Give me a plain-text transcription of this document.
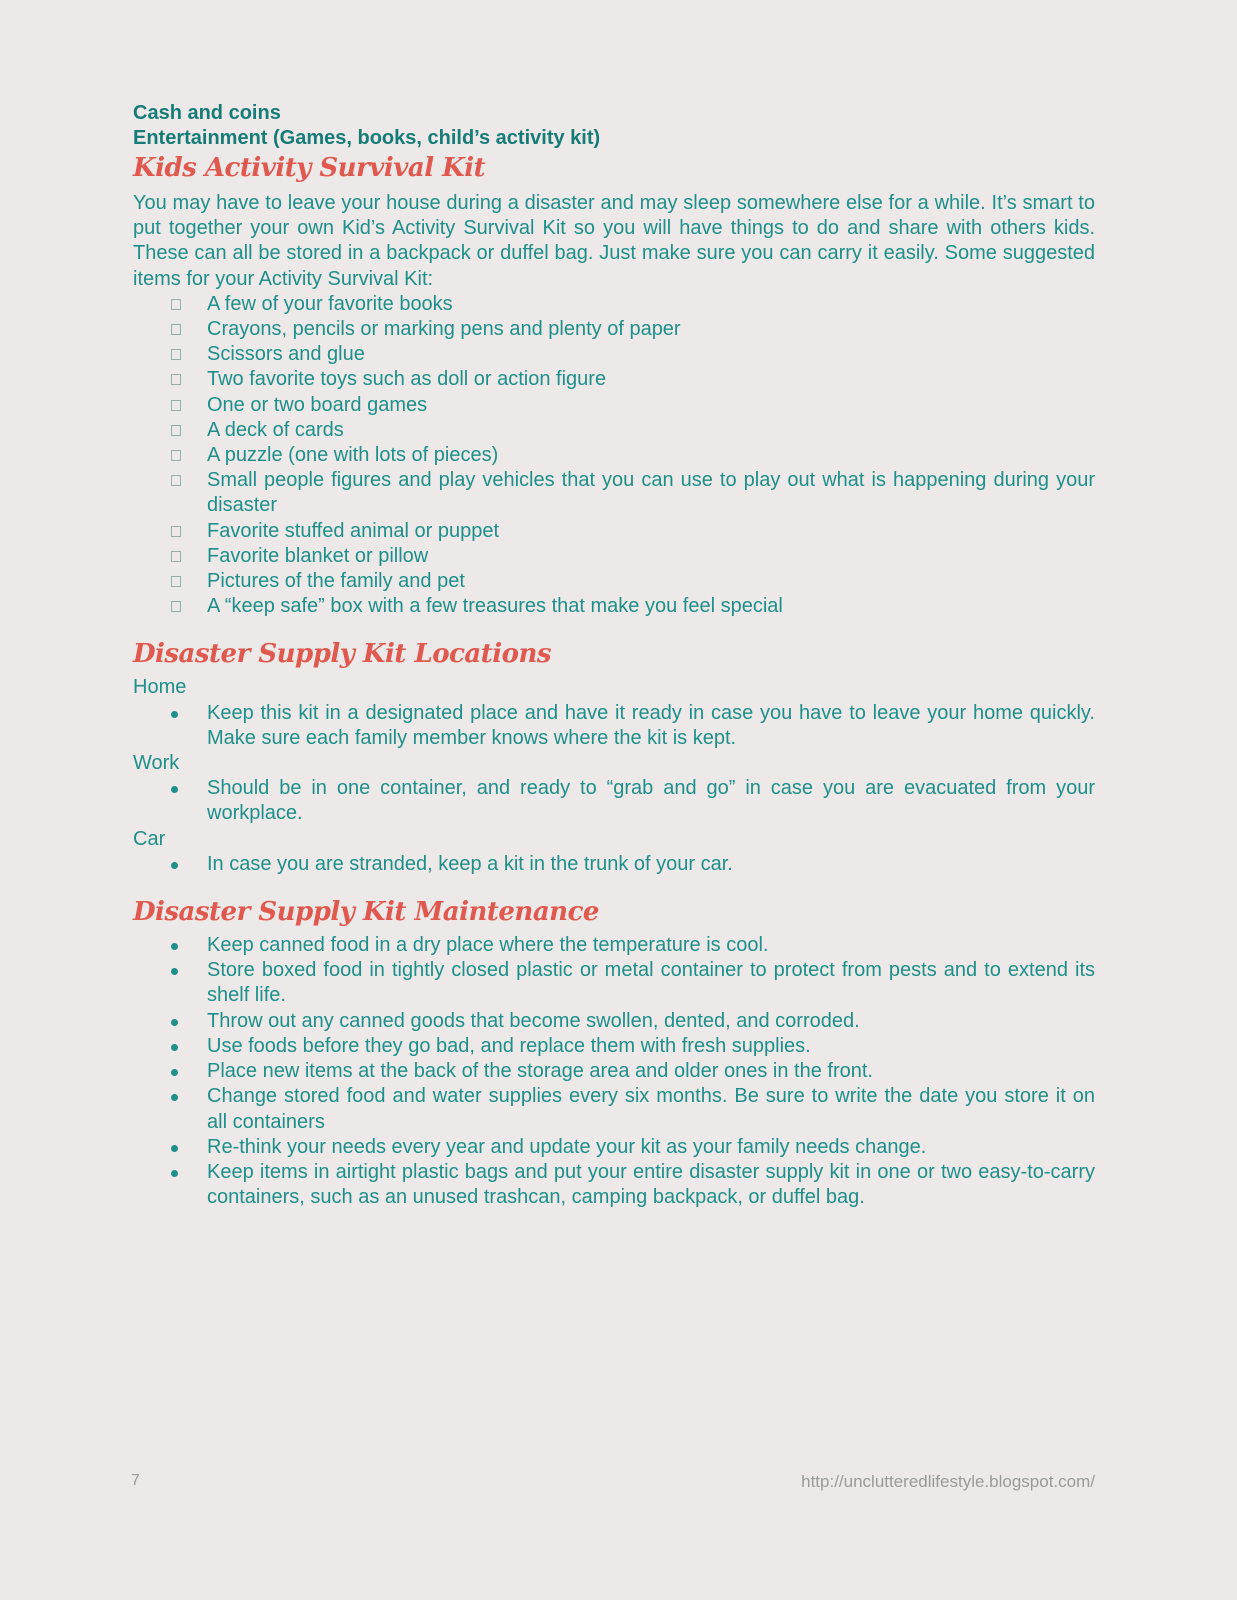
Cash and coins

Entertainment (Games, books, child’s activity kit)

Kids Activity Survival Kit

You may have to leave your house during a disaster and may sleep somewhere else for a while. It’s smart to put together your own Kid’s Activity Survival Kit so you will have things to do and share with others kids. These can all be stored in a backpack or duffel bag. Just make sure you can carry it easily. Some suggested items for your Activity Survival Kit:

A few of your favorite books
Crayons, pencils or marking pens and plenty of paper
Scissors and glue
Two favorite toys such as doll or action figure
One or two board games
A deck of cards
A puzzle (one with lots of pieces)
Small people figures and play vehicles that you can use to play out what is happening during your disaster
Favorite stuffed animal or puppet
Favorite blanket or pillow
Pictures of the family and pet
A “keep safe” box with a few treasures that make you feel special
Disaster Supply Kit Locations

Home

Keep this kit in a designated place and have it ready in case you have to leave your home quickly. Make sure each family member knows where the kit is kept.

Work

Should be in one container, and ready to “grab and go” in case you are evacuated from your workplace.

Car

In case you are stranded, keep a kit in the trunk of your car.
Disaster Supply Kit Maintenance
Keep canned food in a dry place where the temperature is cool.
Store boxed food in tightly closed plastic or metal container to protect from pests and to extend its shelf life.
Throw out any canned goods that become swollen, dented, and corroded.
Use foods before they go bad, and replace them with fresh supplies.
Place new items at the back of the storage area and older ones in the front.
Change stored food and water supplies every six months. Be sure to write the date you store it on all containers
Re-think your needs every year and update your kit as your family needs change.
Keep items in airtight plastic bags and put your entire disaster supply kit in one or two easy-to-carry containers, such as an unused trashcan, camping backpack, or duffel bag.
7	http://unclutteredlifestyle.blogspot.com/
